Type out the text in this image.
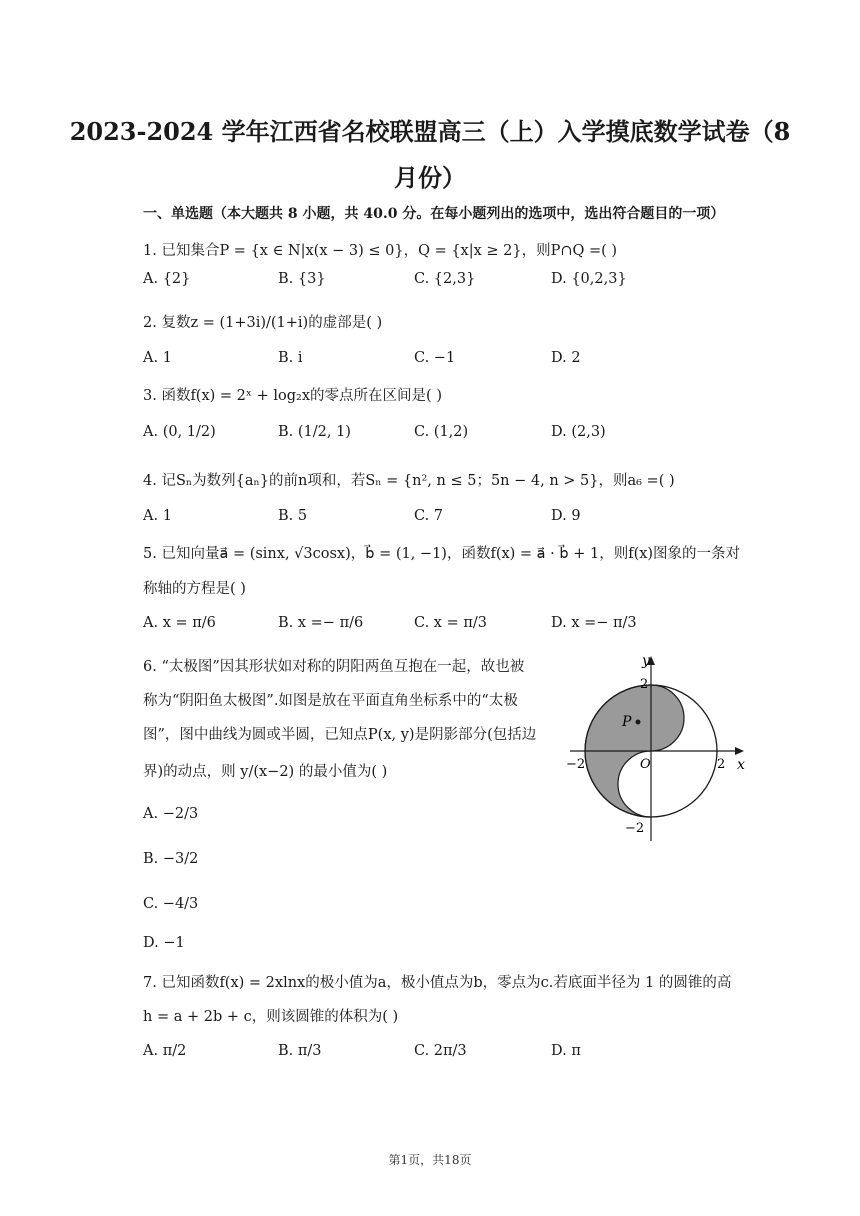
2023-2024 学年江西省名校联盟高三（上）入学摸底数学试卷（8
月份）
一、单选题（本大题共 8 小题，共 40.0 分。在每小题列出的选项中，选出符合题目的一项）
1. 已知集合P = {x ∈ N|x(x − 3) ≤ 0}，Q = {x|x ≥ 2}，则P∩Q =( )
A. {2}	B. {3}	C. {2,3}	D. {0,2,3}
2. 复数z = (1+3i)/(1+i)的虚部是( )
A. 1	B. i	C. −1	D. 2
3. 函数f(x) = 2ˣ + log₂x的零点所在区间是( )
A. (0, 1/2)	B. (1/2, 1)	C. (1,2)	D. (2,3)
4. 记Sₙ为数列{aₙ}的前n项和，若Sₙ = {n², n ≤ 5；5n − 4, n > 5}，则a₆ =( )
A. 1	B. 5	C. 7	D. 9
5. 已知向量a⃗ = (sinx, √3cosx)，b⃗ = (1, −1)，函数f(x) = a⃗ · b⃗ + 1，则f(x)图象的一条对
称轴的方程是( )
A. x = π/6	B. x =− π/6	C. x = π/3	D. x =− π/3
6. “太极图”因其形状如对称的阴阳两鱼互抱在一起，故也被
称为“阴阳鱼太极图”.如图是放在平面直角坐标系中的“太极
图”，图中曲线为圆或半圆，已知点P(x, y)是阴影部分(包括边
界)的动点，则 y/(x−2) 的最小值为( )
A. −2/3
B. −3/2
C. −4/3
D. −1
P
y
x
O
2
−2
−2	2
7. 已知函数f(x) = 2xlnx的极小值为a，极小值点为b，零点为c.若底面半径为 1 的圆锥的高
h = a + 2b + c，则该圆锥的体积为( )
A. π/2	B. π/3	C. 2π/3	D. π
第1页，共18页
